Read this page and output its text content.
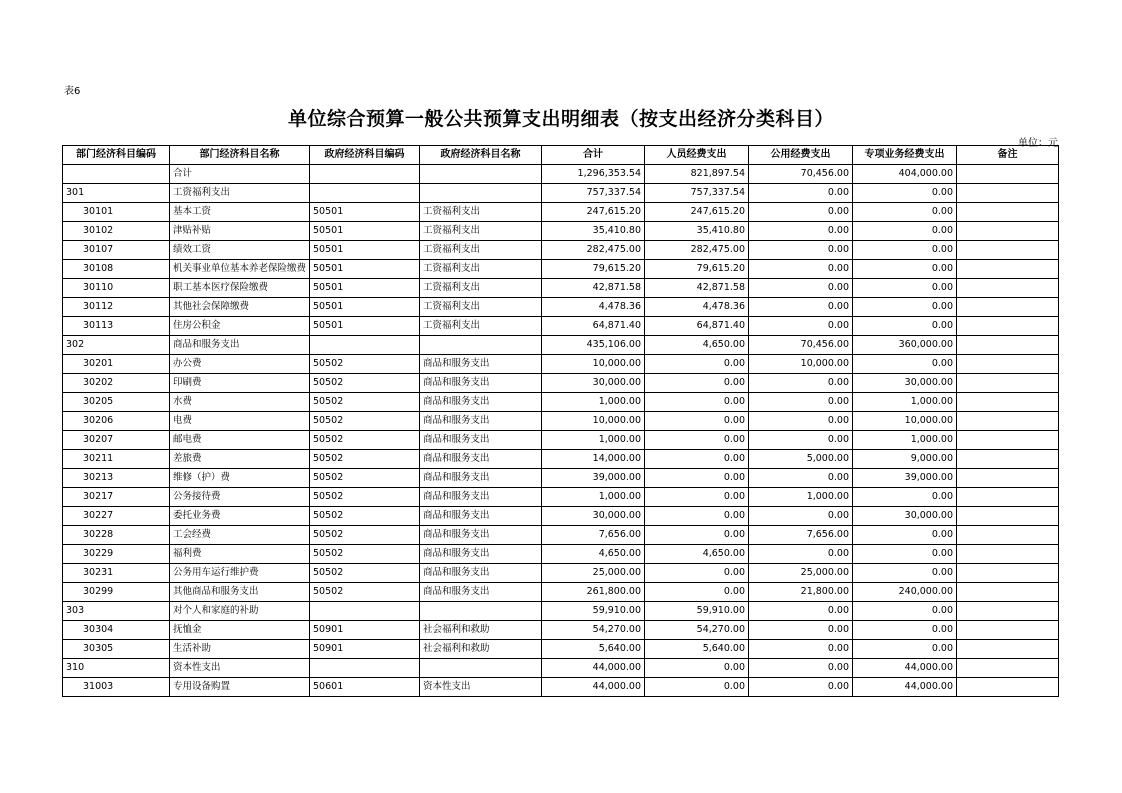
表6
单位综合预算一般公共预算支出明细表（按支出经济分类科目）
单位：元
部门经济科目编码	部门经济科目名称	政府经济科目编码	政府经济科目名称	合计	人员经费支出	公用经费支出	专项业务经费支出	备注
	合计			1,296,353.54	821,897.54	70,456.00	404,000.00	
301	工资福利支出			757,337.54	757,337.54	0.00	0.00	
30101	基本工资	50501	工资福利支出	247,615.20	247,615.20	0.00	0.00	
30102	津贴补贴	50501	工资福利支出	35,410.80	35,410.80	0.00	0.00	
30107	绩效工资	50501	工资福利支出	282,475.00	282,475.00	0.00	0.00	
30108	机关事业单位基本养老保险缴费	50501	工资福利支出	79,615.20	79,615.20	0.00	0.00	
30110	职工基本医疗保险缴费	50501	工资福利支出	42,871.58	42,871.58	0.00	0.00	
30112	其他社会保障缴费	50501	工资福利支出	4,478.36	4,478.36	0.00	0.00	
30113	住房公积金	50501	工资福利支出	64,871.40	64,871.40	0.00	0.00	
302	商品和服务支出			435,106.00	4,650.00	70,456.00	360,000.00	
30201	办公费	50502	商品和服务支出	10,000.00	0.00	10,000.00	0.00	
30202	印刷费	50502	商品和服务支出	30,000.00	0.00	0.00	30,000.00	
30205	水费	50502	商品和服务支出	1,000.00	0.00	0.00	1,000.00	
30206	电费	50502	商品和服务支出	10,000.00	0.00	0.00	10,000.00	
30207	邮电费	50502	商品和服务支出	1,000.00	0.00	0.00	1,000.00	
30211	差旅费	50502	商品和服务支出	14,000.00	0.00	5,000.00	9,000.00	
30213	维修（护）费	50502	商品和服务支出	39,000.00	0.00	0.00	39,000.00	
30217	公务接待费	50502	商品和服务支出	1,000.00	0.00	1,000.00	0.00	
30227	委托业务费	50502	商品和服务支出	30,000.00	0.00	0.00	30,000.00	
30228	工会经费	50502	商品和服务支出	7,656.00	0.00	7,656.00	0.00	
30229	福利费	50502	商品和服务支出	4,650.00	4,650.00	0.00	0.00	
30231	公务用车运行维护费	50502	商品和服务支出	25,000.00	0.00	25,000.00	0.00	
30299	其他商品和服务支出	50502	商品和服务支出	261,800.00	0.00	21,800.00	240,000.00	
303	对个人和家庭的补助			59,910.00	59,910.00	0.00	0.00	
30304	抚恤金	50901	社会福利和救助	54,270.00	54,270.00	0.00	0.00	
30305	生活补助	50901	社会福利和救助	5,640.00	5,640.00	0.00	0.00	
310	资本性支出			44,000.00	0.00	0.00	44,000.00	
31003	专用设备购置	50601	资本性支出	44,000.00	0.00	0.00	44,000.00	
